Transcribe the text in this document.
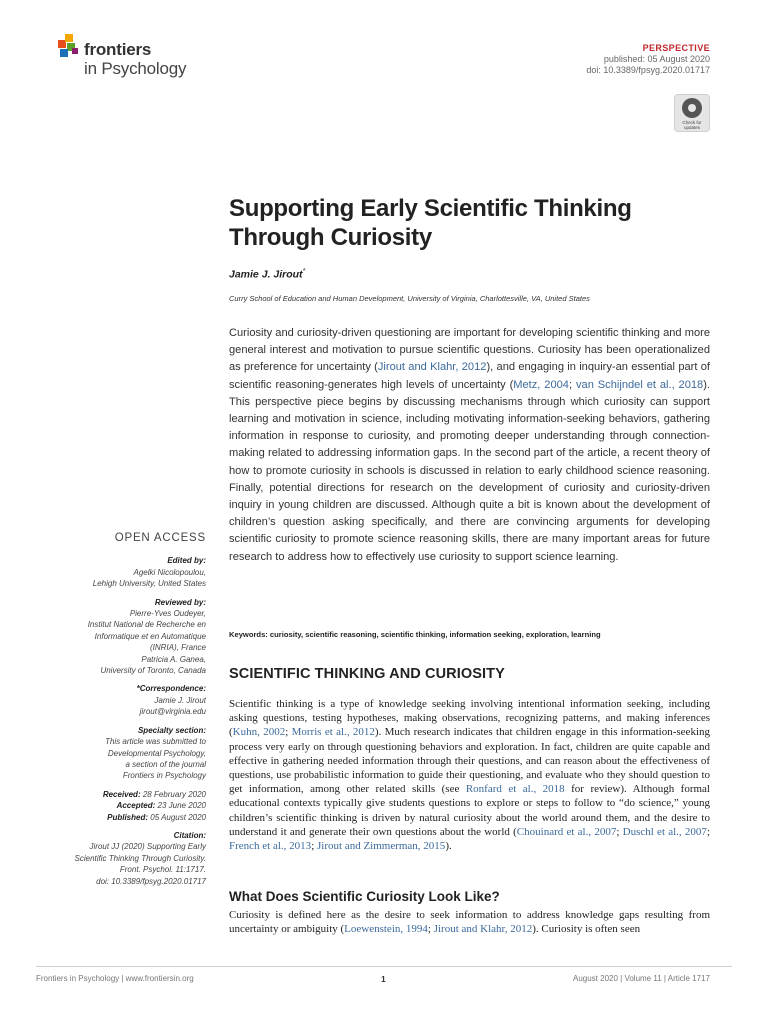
frontiers
in Psychology
PERSPECTIVE
published: 05 August 2020
doi: 10.3389/fpsyg.2020.01717
Check for updates
Supporting Early Scientific Thinking Through Curiosity
Jamie J. Jirout*
Curry School of Education and Human Development, University of Virginia, Charlottesville, VA, United States
Curiosity and curiosity-driven questioning are important for developing scientific thinking and more general interest and motivation to pursue scientific questions. Curiosity has been operationalized as preference for uncertainty (Jirout and Klahr, 2012), and engaging in inquiry-an essential part of scientific reasoning-generates high levels of uncertainty (Metz, 2004; van Schijndel et al., 2018). This perspective piece begins by discussing mechanisms through which curiosity can support learning and motivation in science, including motivating information-seeking behaviors, gathering information in response to curiosity, and promoting deeper understanding through connection-making related to addressing information gaps. In the second part of the article, a recent theory of how to promote curiosity in schools is discussed in relation to early childhood science reasoning. Finally, potential directions for research on the development of curiosity and curiosity-driven inquiry in young children are discussed. Although quite a bit is known about the development of children’s question asking specifically, and there are convincing arguments for developing scientific curiosity to promote science reasoning skills, there are many important areas for future research to address how to effectively use curiosity to support science learning.
Keywords: curiosity, scientific reasoning, scientific thinking, information seeking, exploration, learning
SCIENTIFIC THINKING AND CURIOSITY
Scientific thinking is a type of knowledge seeking involving intentional information seeking, including asking questions, testing hypotheses, making observations, recognizing patterns, and making inferences (Kuhn, 2002; Morris et al., 2012). Much research indicates that children engage in this information-seeking process very early on through questioning behaviors and exploration. In fact, children are quite capable and effective in gathering needed information through their questions, and can reason about the effectiveness of questions, use probabilistic information to guide their questioning, and evaluate who they should question to get information, among other related skills (see Ronfard et al., 2018 for review). Although formal educational contexts typically give students questions to explore or steps to follow to “do science,” young children’s scientific thinking is driven by natural curiosity about the world around them, and the desire to understand it and generate their own questions about the world (Chouinard et al., 2007; Duschl et al., 2007; French et al., 2013; Jirout and Zimmerman, 2015).
What Does Scientific Curiosity Look Like?
Curiosity is defined here as the desire to seek information to address knowledge gaps resulting from uncertainty or ambiguity (Loewenstein, 1994; Jirout and Klahr, 2012). Curiosity is often seen
OPEN ACCESS
Edited by:
Agelki Nicolopoulou,
Lehigh University, United States
Reviewed by:
Pierre-Yves Oudeyer,
Institut National de Recherche en
Informatique et en Automatique
(INRIA), France
Patricia A. Ganea,
University of Toronto, Canada
*Correspondence:
Jamie J. Jirout
jirout@virginia.edu
Specialty section:
This article was submitted to
Developmental Psychology,
a section of the journal
Frontiers in Psychology
Received: 28 February 2020
Accepted: 23 June 2020
Published: 05 August 2020
Citation:
Jirout JJ (2020) Supporting Early
Scientific Thinking Through Curiosity.
Front. Psychol. 11:1717.
doi: 10.3389/fpsyg.2020.01717
Frontiers in Psychology | www.frontiersin.org	1	August 2020 | Volume 11 | Article 1717
